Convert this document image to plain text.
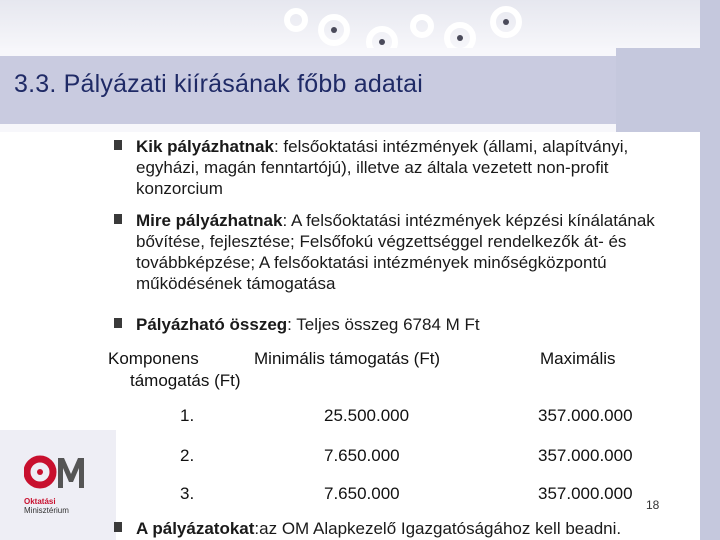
3.3. Pályázati kiírásának főbb adatai
Kik pályázhatnak: felsőoktatási intézmények (állami, alapítványi, egyházi, magán fenntartójú), illetve az általa vezetett non-profit konzorcium
Mire pályázhatnak: A felsőoktatási intézmények képzési kínálatának bővítése, fejlesztése; Felsőfokú végzettséggel rendelkezők át- és továbbképzése; A felsőoktatási intézmények minőségközpontú működésének támogatása
Pályázható összeg: Teljes összeg 6784 M Ft
Komponens	Minimális támogatás (Ft)	Maximális
támogatás (Ft)
1.	25.500.000	357.000.000
2.	7.650.000	357.000.000
3.	7.650.000	357.000.000
18
A pályázatokat:az OM Alapkezelő Igazgatóságához kell beadni.
Oktatási
Minisztérium
